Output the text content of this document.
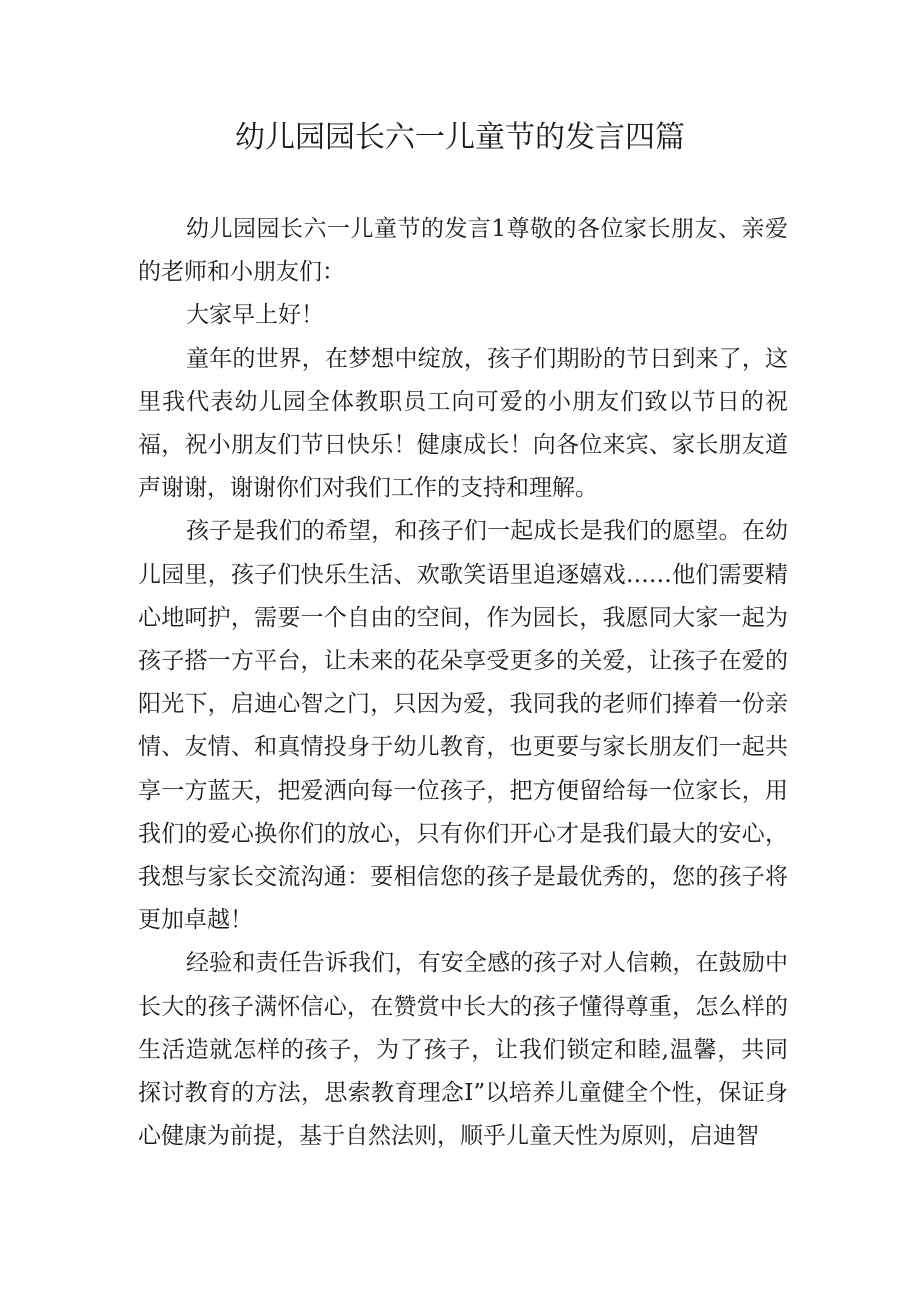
幼儿园园长六一儿童节的发言四篇

幼儿园园长六一儿童节的发言1尊敬的各位家长朋友、亲爱的老师和小朋友们：

大家早上好！

童年的世界，在梦想中绽放，孩子们期盼的节日到来了，这里我代表幼儿园全体教职员工向可爱的小朋友们致以节日的祝福，祝小朋友们节日快乐！健康成长！向各位来宾、家长朋友道声谢谢，谢谢你们对我们工作的支持和理解。

孩子是我们的希望，和孩子们一起成长是我们的愿望。在幼儿园里，孩子们快乐生活、欢歌笑语里追逐嬉戏……他们需要精心地呵护，需要一个自由的空间，作为园长，我愿同大家一起为孩子搭一方平台，让未来的花朵享受更多的关爱，让孩子在爱的阳光下，启迪心智之门，只因为爱，我同我的老师们捧着一份亲情、友情、和真情投身于幼儿教育，也更要与家长朋友们一起共享一方蓝天，把爱洒向每一位孩子，把方便留给每一位家长，用我们的爱心换你们的放心，只有你们开心才是我们最大的安心，我想与家长交流沟通：要相信您的孩子是最优秀的，您的孩子将更加卓越！

经验和责任告诉我们，有安全感的孩子对人信赖，在鼓励中长大的孩子满怀信心，在赞赏中长大的孩子懂得尊重，怎么样的生活造就怎样的孩子，为了孩子，让我们锁定和睦,温馨，共同探讨教育的方法，思索教育理念I”以培养儿童健全个性，保证身心健康为前提，基于自然法则，顺乎儿童天性为原则，启迪智
